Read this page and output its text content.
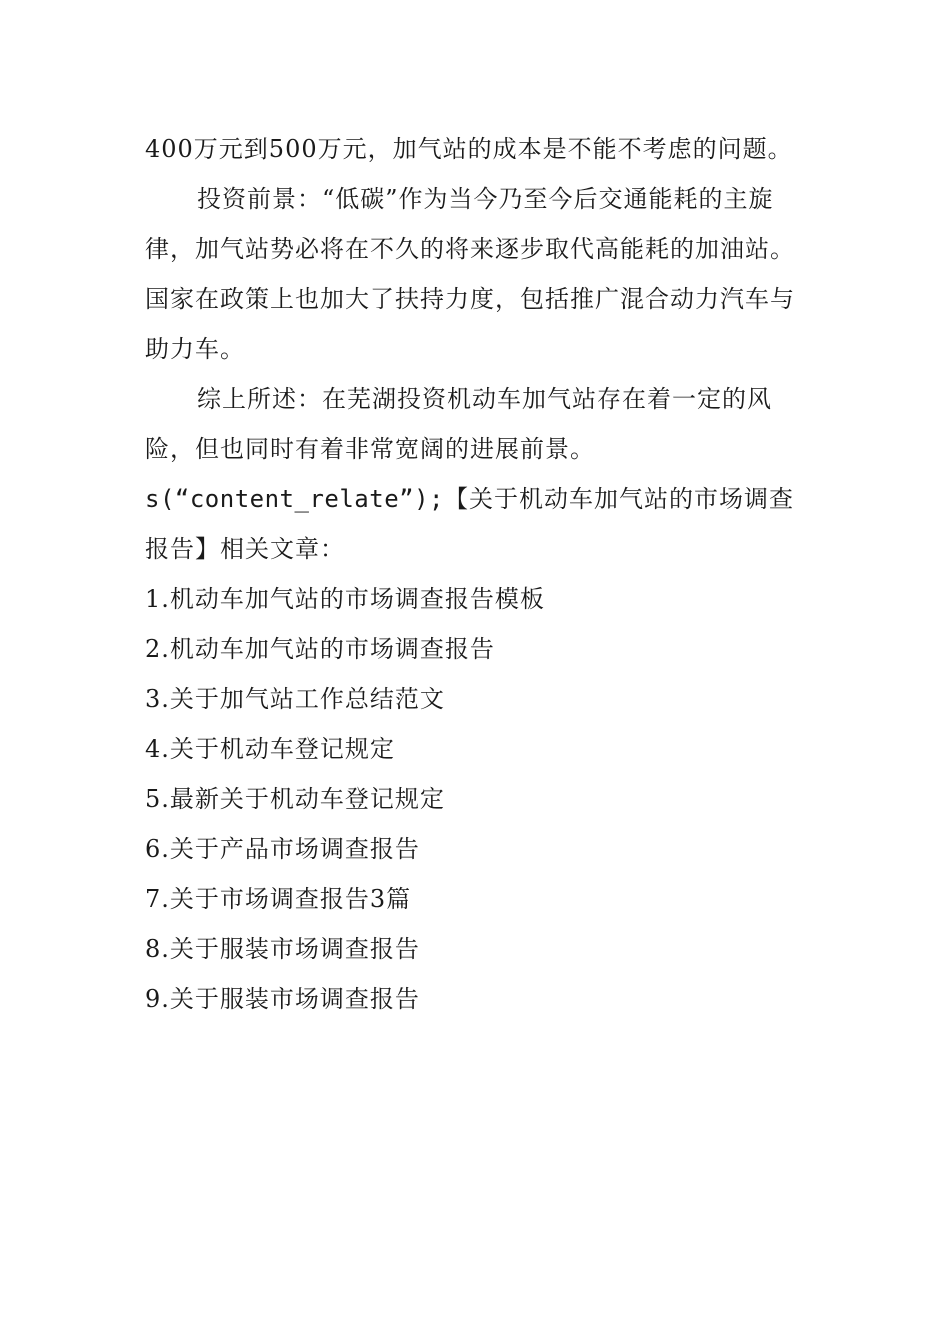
400万元到500万元，加气站的成本是不能不考虑的问题。

投资前景：“低碳”作为当今乃至今后交通能耗的主旋律，加气站势必将在不久的将来逐步取代高能耗的加油站。国家在政策上也加大了扶持力度，包括推广混合动力汽车与助力车。

综上所述：在芜湖投资机动车加气站存在着一定的风险，但也同时有着非常宽阔的进展前景。

s(“content_relate”);【关于机动车加气站的市场调查报告】相关文章：

1.机动车加气站的市场调查报告模板
2.机动车加气站的市场调查报告
3.关于加气站工作总结范文
4.关于机动车登记规定
5.最新关于机动车登记规定
6.关于产品市场调查报告
7.关于市场调查报告3篇
8.关于服装市场调查报告
9.关于服装市场调查报告
